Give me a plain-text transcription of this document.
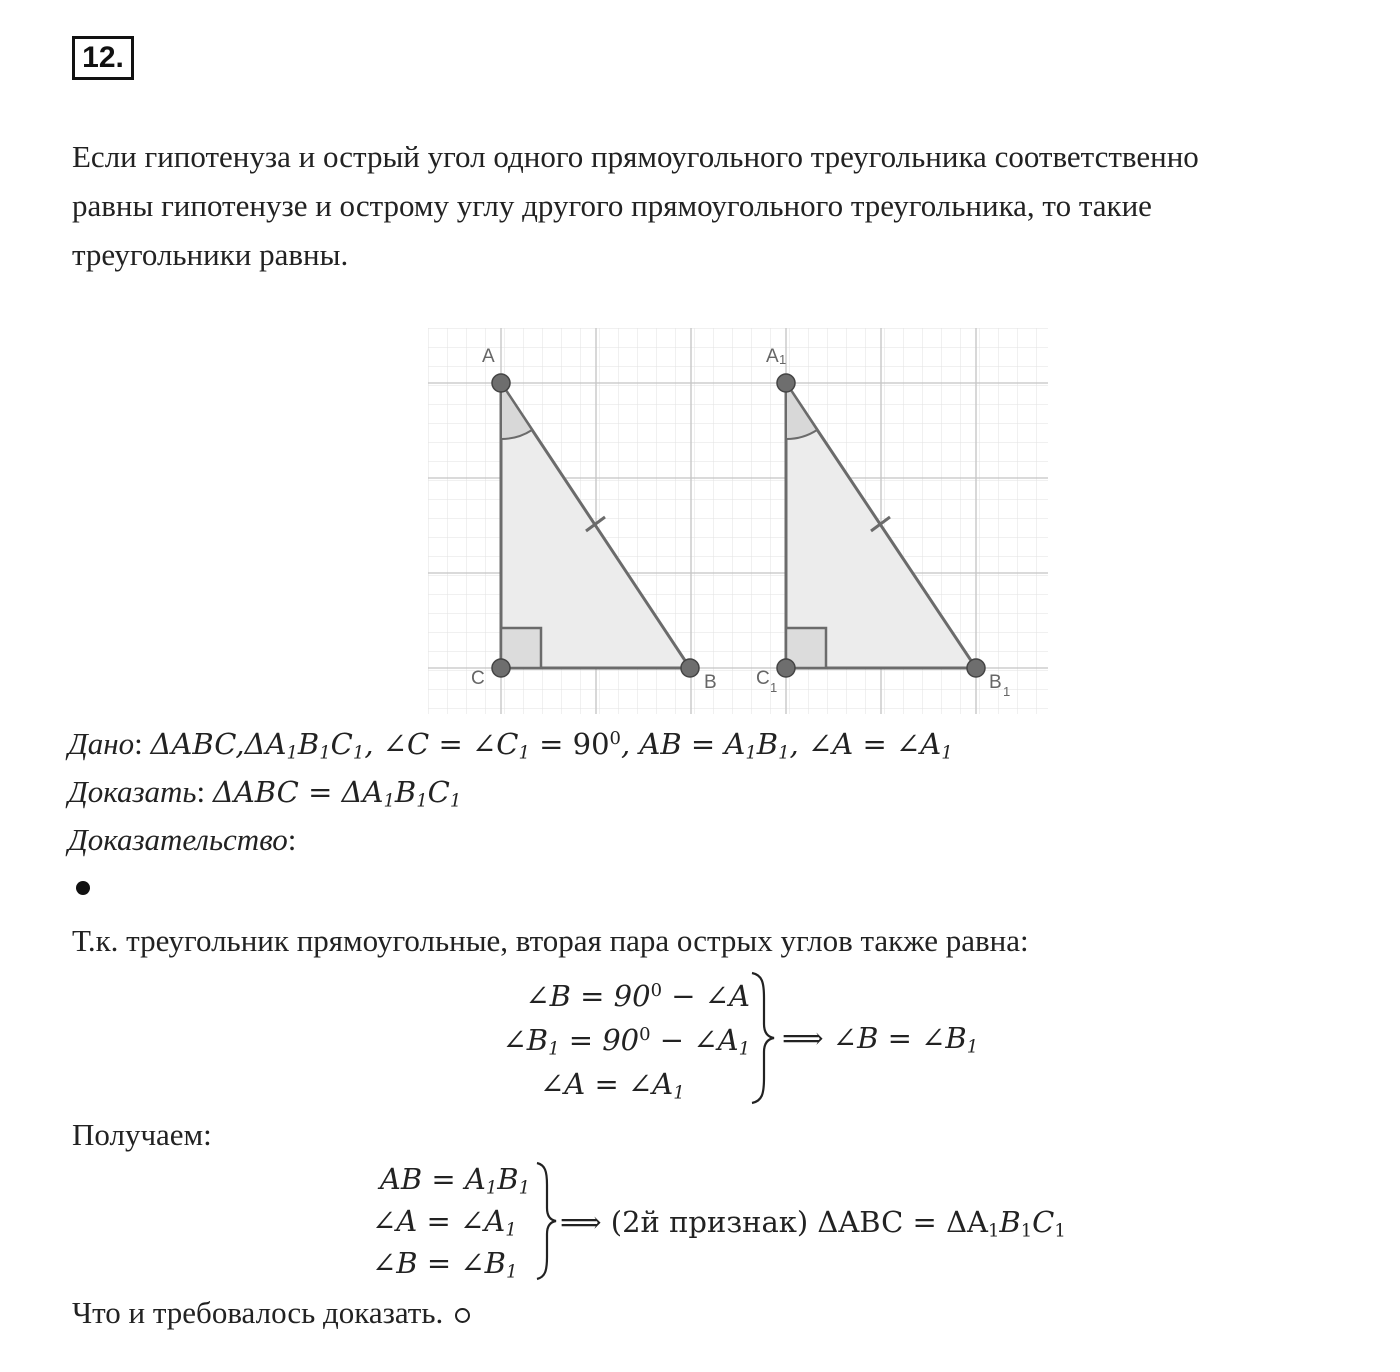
12.
Если гипотенуза и острый угол одного прямоугольного треугольника соответственно
равны гипотенузе и острому углу другого прямоугольного треугольника, то такие
треугольники равны.
A
C	B
A 1
C 1	B 1
Дано: $\Delta ABC,\Delta A_1B_1C_1$, ∠C = $\angle C_1 = 90^0$, AB = $A_1B_1$, ∠A = $\angle A_1$
Доказать: $\Delta ABC = \Delta A_1B_1C_1$
Доказательство:
Т.к. треугольник прямоугольные, вторая пара острых углов также равна:
∠B = $90^0$ − ∠A
$\angle B_1 = 90^0$ − $\angle A_1$
∠A = $\angle A_1$
⟹ ∠B = $\angle B_1$
Получаем:
AB = $A_1B_1$
∠A = $\angle A_1$
∠B = $\angle B_1$
⟹ (2й признак) $\Delta ABC = \Delta A_1B_1C_1$
Что и требовалось доказать.
